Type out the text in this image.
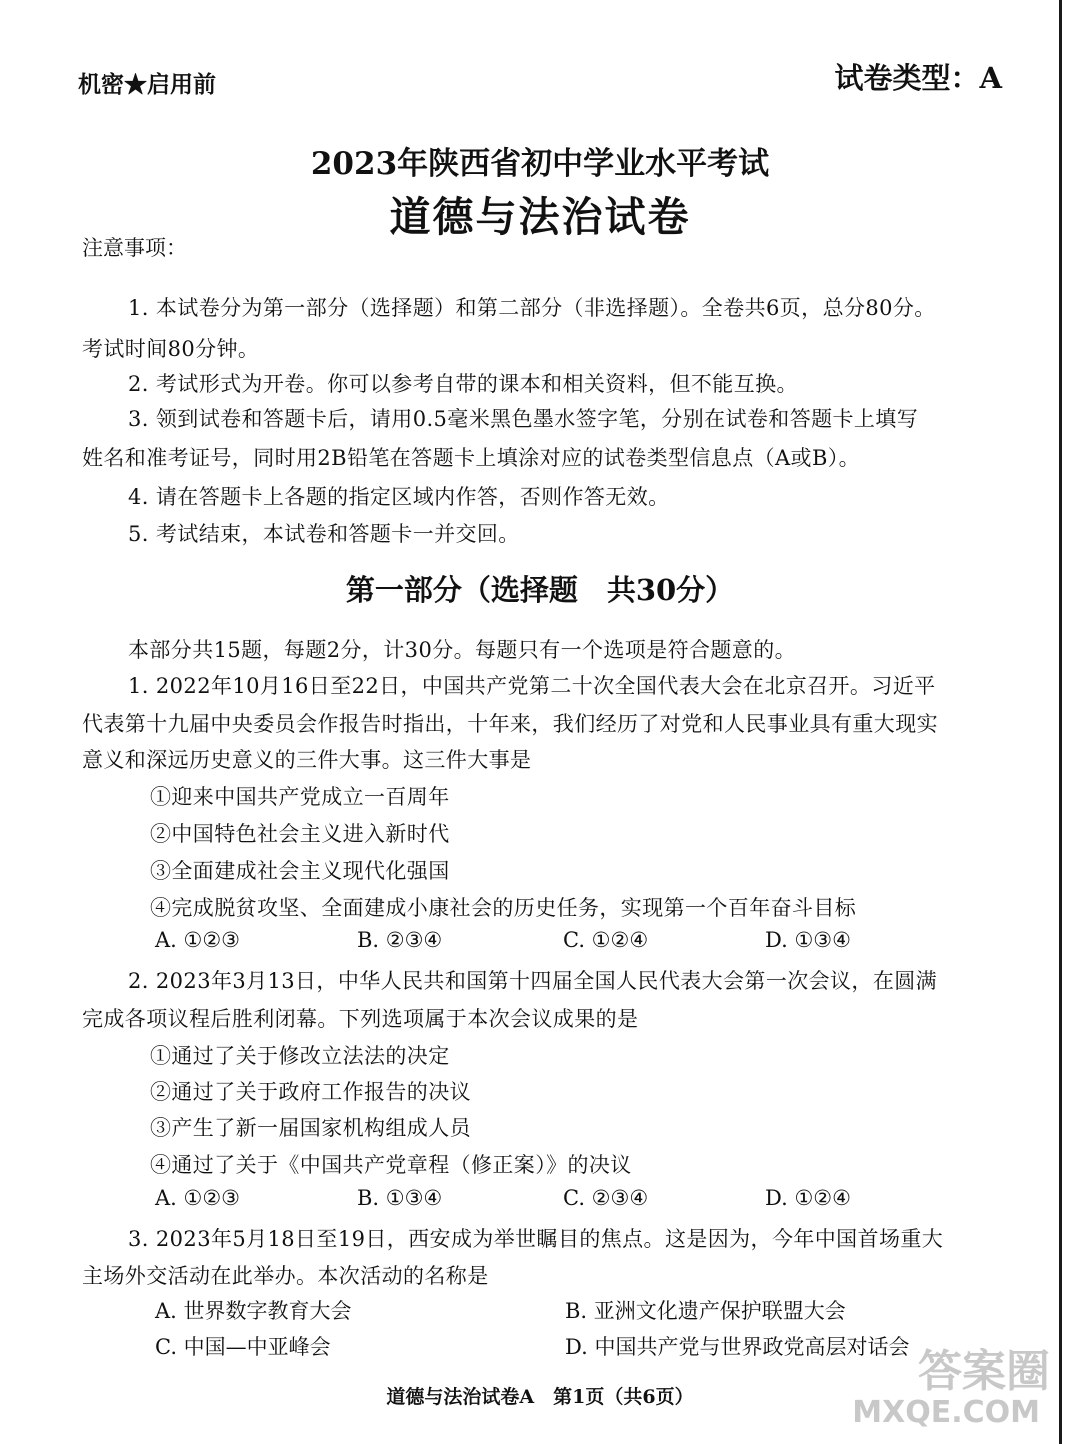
机密★启用前	试卷类型：A
2023年陕西省初中学业水平考试
道德与法治试卷
注意事项：
1. 本试卷分为第一部分（选择题）和第二部分（非选择题）。全卷共6页，总分80分。
考试时间80分钟。
2. 考试形式为开卷。你可以参考自带的课本和相关资料，但不能互换。
3. 领到试卷和答题卡后，请用0.5毫米黑色墨水签字笔，分别在试卷和答题卡上填写
姓名和准考证号，同时用2B铅笔在答题卡上填涂对应的试卷类型信息点（A或B）。
4. 请在答题卡上各题的指定区域内作答，否则作答无效。
5. 考试结束，本试卷和答题卡一并交回。
第一部分（选择题　共30分）
本部分共15题，每题2分，计30分。每题只有一个选项是符合题意的。
1. 2022年10月16日至22日，中国共产党第二十次全国代表大会在北京召开。习近平
代表第十九届中央委员会作报告时指出，十年来，我们经历了对党和人民事业具有重大现实
意义和深远历史意义的三件大事。这三件大事是
①迎来中国共产党成立一百周年
②中国特色社会主义进入新时代
③全面建成社会主义现代化强国
④完成脱贫攻坚、全面建成小康社会的历史任务，实现第一个百年奋斗目标
A. ①②③	B. ②③④	C. ①②④	D. ①③④
2. 2023年3月13日，中华人民共和国第十四届全国人民代表大会第一次会议，在圆满
完成各项议程后胜利闭幕。下列选项属于本次会议成果的是
①通过了关于修改立法法的决定
②通过了关于政府工作报告的决议
③产生了新一届国家机构组成人员
④通过了关于《中国共产党章程（修正案）》的决议
A. ①②③	B. ①③④	C. ②③④	D. ①②④
3. 2023年5月18日至19日，西安成为举世瞩目的焦点。这是因为，今年中国首场重大
主场外交活动在此举办。本次活动的名称是
A. 世界数字教育大会	B. 亚洲文化遗产保护联盟大会
C. 中国—中亚峰会	D. 中国共产党与世界政党高层对话会
道德与法治试卷A　第1页（共6页）	答案圈
MXQE.COM
